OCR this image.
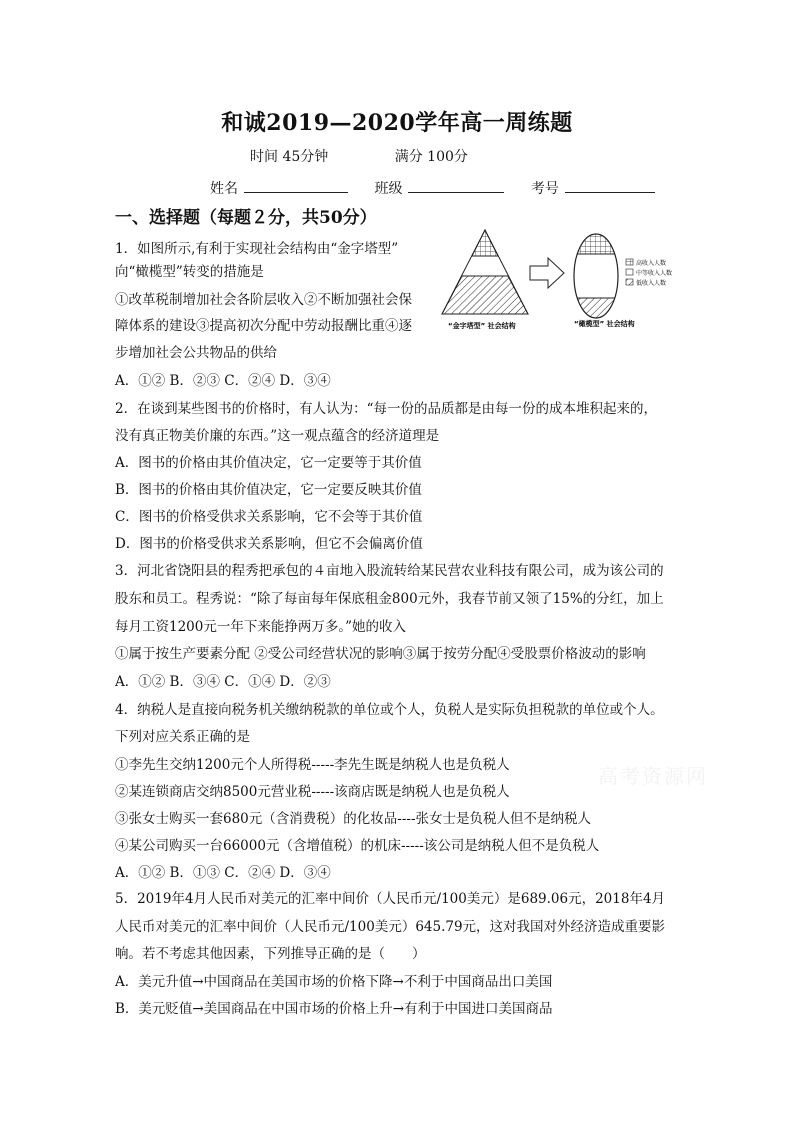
和诚2019—2020学年高一周练题
时间 45分钟	满分 100分
姓名	班级	考号
一、选择题（每题２分，共50分）
1．如图所示,有利于实现社会结构由“金字塔型”
向“橄榄型”转变的措施是
①改革税制增加社会各阶层收入②不断加强社会保
障体系的建设③提高初次分配中劳动报酬比重④逐
步增加社会公共物品的供给
A．①② B．②③ C．②④ D．③④
2．在谈到某些图书的价格时，有人认为：“每一份的品质都是由每一份的成本堆积起来的，
没有真正物美价廉的东西。”这一观点蕴含的经济道理是
A．图书的价格由其价值决定，它一定要等于其价值
B．图书的价格由其价值决定，它一定要反映其价值
C．图书的价格受供求关系影响，它不会等于其价值
D．图书的价格受供求关系影响，但它不会偏离价值
3．河北省饶阳县的程秀把承包的４亩地入股流转给某民营农业科技有限公司，成为该公司的
股东和员工。程秀说：“除了每亩每年保底租金800元外，我春节前又领了15%的分红，加上
每月工资1200元一年下来能挣两万多。”她的收入
①属于按生产要素分配 ②受公司经营状况的影响③属于按劳分配④受股票价格波动的影响
A．①② B．③④ C．①④ D．②③
4．纳税人是直接向税务机关缴纳税款的单位或个人，负税人是实际负担税款的单位或个人。
下列对应关系正确的是
①李先生交纳1200元个人所得税-----李先生既是纳税人也是负税人
②某连锁商店交纳8500元营业税-----该商店既是纳税人也是负税人
③张女士购买一套680元（含消费税）的化妆品----张女士是负税人但不是纳税人
④某公司购买一台66000元（含增值税）的机床-----该公司是纳税人但不是负税人
A．①② B．①③ C．②④ D．③④
5．2019年4月人民币对美元的汇率中间价（人民币元/100美元）是689.06元，2018年4月
人民币对美元的汇率中间价（人民币元/100美元）645.79元，这对我国对外经济造成重要影
响。若不考虑其他因素，下列推导正确的是（　　）
A．美元升值→中国商品在美国市场的价格下降→不利于中国商品出口美国
B．美元贬值→美国商品在中国市场的价格上升→有利于中国进口美国商品
高收入人数
中等收入人数
低收入人数
“金字塔型” 社会结构	“橄榄型” 社会结构
高考资源网
